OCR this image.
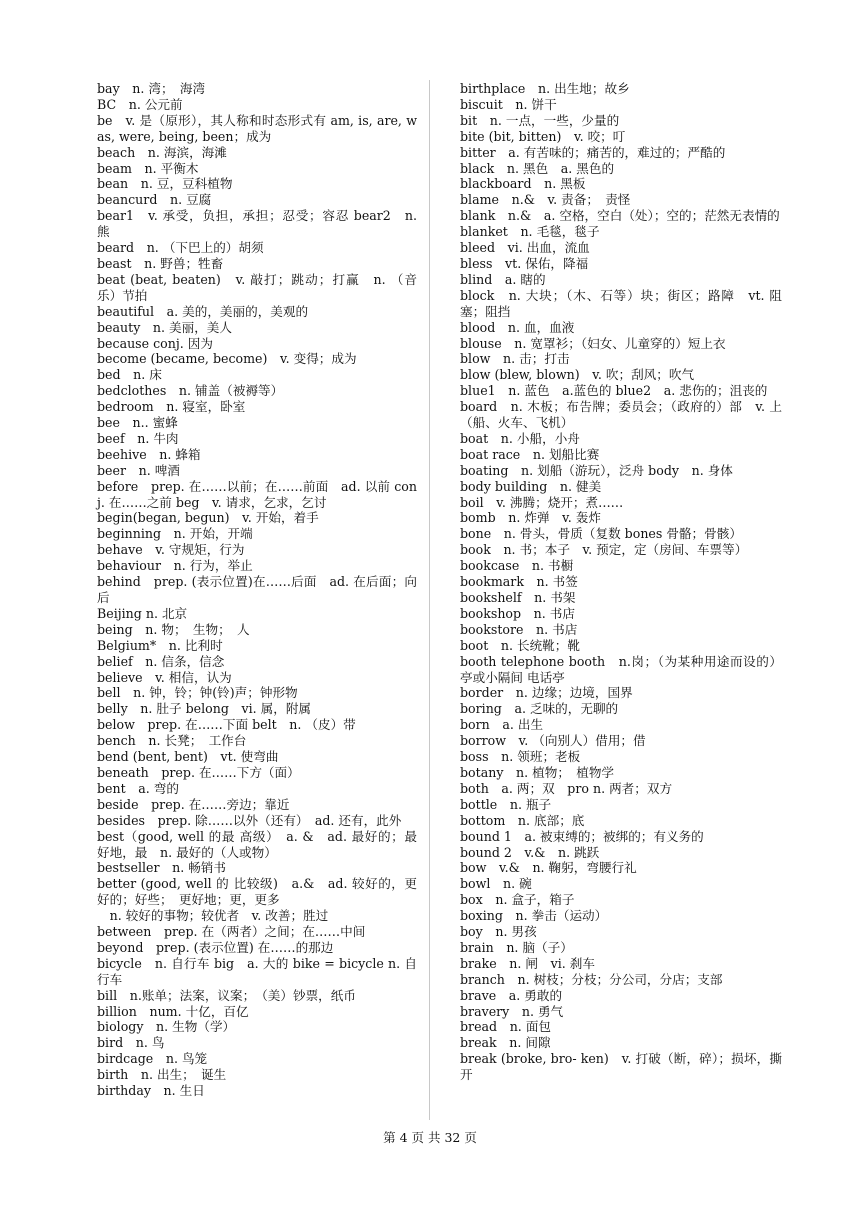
bay　n. 湾；　海湾

BC　n. 公元前

be　v. 是（原形），其人称和时态形式有 am, is, are, was, were, being, been；成为

beach　n. 海滨，海滩

beam　n. 平衡木

bean　n. 豆，豆科植物

beancurd　n. 豆腐

bear1　v. 承受，负担，承担；忍受；容忍 bear2　n. 熊

beard　n. （下巴上的）胡须

beast　n. 野兽；牲畜

beat (beat, beaten)　v. 敲打；跳动；打赢　n. （音乐）节拍

beautiful　a. 美的，美丽的，美观的

beauty　n. 美丽，美人

because conj. 因为

become (became, become)　v. 变得；成为

bed　n. 床

bedclothes　n. 铺盖（被褥等）

bedroom　n. 寝室，卧室

bee　n.. 蜜蜂

beef　n. 牛肉

beehive　n. 蜂箱

beer　n. 啤酒

before　prep. 在……以前；在……前面　ad. 以前 conj. 在……之前 beg　v. 请求，乞求，乞讨

begin(began, begun)　v. 开始，着手

beginning　n. 开始，开端

behave　v. 守规矩，行为

behaviour　n. 行为，举止

behind　prep. (表示位置)在……后面　ad. 在后面；向后

Beijing n. 北京

being　n. 物；　生物；　人

Belgium*　n. 比利时

belief　n. 信条，信念

believe　v. 相信，认为

bell　n. 钟，铃；钟(铃)声；钟形物

belly　n. 肚子 belong　vi. 属，附属

below　prep. 在……下面 belt　n. （皮）带

bench　n. 长凳；　工作台

bend (bent, bent)　vt. 使弯曲

beneath　prep. 在……下方（面）

bent　a. 弯的

beside　prep. 在……旁边；靠近

besides　prep. 除……以外（还有）　ad. 还有，此外

best（good, well 的最 高级）　a. &　ad. 最好的；最好地，最　n. 最好的（人或物）

bestseller　n. 畅销书

better (good, well 的 比较级)　a.&　ad. 较好的，更好的；好些；　更好地；更，更多

　n. 较好的事物；较优者　v. 改善；胜过

between　prep. 在（两者）之间；在……中间

beyond　prep. (表示位置) 在……的那边

bicycle　n. 自行车 big　a. 大的 bike = bicycle n. 自行车

bill　n.账单；法案，议案；　（美）钞票，纸币

billion　num. 十亿，百亿

biology　n. 生物（学）

bird　n. 鸟

birdcage　n. 鸟笼

birth　n. 出生；　诞生

birthday　n. 生日

birthplace　n. 出生地；故乡

biscuit　n. 饼干

bit　n. 一点，一些，少量的

bite (bit, bitten)　v. 咬；叮

bitter　a. 有苦味的；痛苦的，难过的；严酷的

black　n. 黑色　a. 黑色的

blackboard　n. 黑板

blame　n.&　v. 责备；　责怪

blank　n.&　a. 空格，空白（处）；空的；茫然无表情的

blanket　n. 毛毯，毯子

bleed　vi. 出血，流血

bless　vt. 保佑，降福

blind　a. 瞎的

block　n. 大块；（木、石等）块；街区；路障　vt. 阻塞；阻挡

blood　n. 血，血液

blouse　n. 宽罩衫；（妇女、儿童穿的）短上衣

blow　n. 击；打击

blow (blew, blown)　v. 吹；刮风；吹气

blue1　n. 蓝色　a.蓝色的 blue2　a. 悲伤的；沮丧的

board　n. 木板；布告牌；委员会；（政府的）部　v. 上（船、火车、飞机）

boat　n. 小船，小舟

boat race　n. 划船比赛

boating　n. 划船（游玩），泛舟 body　n. 身体

body building　n. 健美

boil　v. 沸腾；烧开；煮……

bomb　n. 炸弹　v. 轰炸

bone　n. 骨头，骨质（复数 bones 骨骼；骨骸）

book　n. 书；本子　v. 预定，定（房间、车票等）

bookcase　n. 书橱

bookmark　n. 书签

bookshelf　n. 书架

bookshop　n. 书店

bookstore　n. 书店

boot　n. 长统靴；靴

booth telephone booth　n.岗；（为某种用途而设的）亭或小隔间 电话亭

border　n. 边缘；边境，国界

boring　a. 乏味的，无聊的

born　a. 出生

borrow　v. （向别人）借用；借

boss　n. 领班；老板

botany　n. 植物；　植物学

both　a. 两；双　pro n. 两者；双方

bottle　n. 瓶子

bottom　n. 底部；底

bound 1　a. 被束缚的；被绑的；有义务的

bound 2　v.&　n. 跳跃

bow　v.&　n. 鞠躬，弯腰行礼

bowl　n. 碗

box　n. 盒子，箱子

boxing　n. 拳击（运动）

boy　n. 男孩

brain　n. 脑（子）

brake　n. 闸　vi. 刹车

branch　n. 树枝；分枝；分公司，分店；支部

brave　a. 勇敢的

bravery　n. 勇气

bread　n. 面包

break　n. 间隙

break (broke, bro- ken)　v. 打破（断，碎）；损坏，撕开

第 4 页 共 32 页
